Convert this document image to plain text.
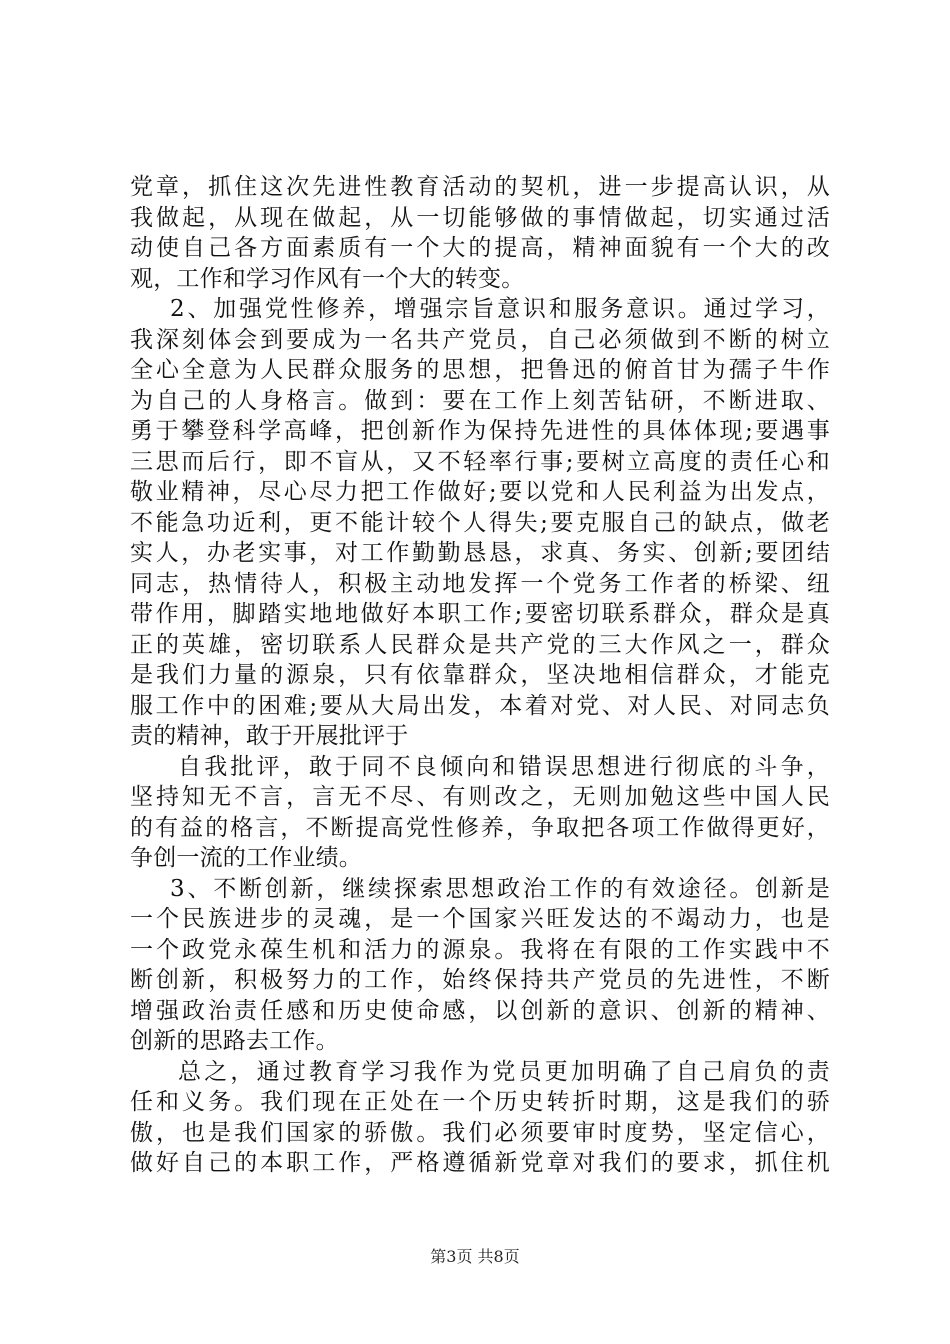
党章，抓住这次先进性教育活动的契机，进一步提高认识，从
我做起，从现在做起，从一切能够做的事情做起，切实通过活
动使自己各方面素质有一个大的提高，精神面貌有一个大的改
观，工作和学习作风有一个大的转变。
2、加强党性修养，增强宗旨意识和服务意识。通过学习，
我深刻体会到要成为一名共产党员，自己必须做到不断的树立
全心全意为人民群众服务的思想，把鲁迅的俯首甘为孺子牛作
为自己的人身格言。做到：要在工作上刻苦钻研，不断进取、
勇于攀登科学高峰，把创新作为保持先进性的具体体现;要遇事
三思而后行，即不盲从，又不轻率行事;要树立高度的责任心和
敬业精神，尽心尽力把工作做好;要以党和人民利益为出发点，
不能急功近利，更不能计较个人得失;要克服自己的缺点，做老
实人，办老实事，对工作勤勤恳恳，求真、务实、创新;要团结
同志，热情待人，积极主动地发挥一个党务工作者的桥梁、纽
带作用，脚踏实地地做好本职工作;要密切联系群众，群众是真
正的英雄，密切联系人民群众是共产党的三大作风之一，群众
是我们力量的源泉，只有依靠群众，坚决地相信群众，才能克
服工作中的困难;要从大局出发，本着对党、对人民、对同志负
责的精神，敢于开展批评于
自我批评，敢于同不良倾向和错误思想进行彻底的斗争，
坚持知无不言，言无不尽、有则改之，无则加勉这些中国人民
的有益的格言，不断提高党性修养，争取把各项工作做得更好，
争创一流的工作业绩。
3、不断创新，继续探索思想政治工作的有效途径。创新是
一个民族进步的灵魂，是一个国家兴旺发达的不竭动力，也是
一个政党永葆生机和活力的源泉。我将在有限的工作实践中不
断创新，积极努力的工作，始终保持共产党员的先进性，不断
增强政治责任感和历史使命感，以创新的意识、创新的精神、
创新的思路去工作。
总之，通过教育学习我作为党员更加明确了自己肩负的责
任和义务。我们现在正处在一个历史转折时期，这是我们的骄
傲，也是我们国家的骄傲。我们必须要审时度势，坚定信心，
做好自己的本职工作，严格遵循新党章对我们的要求，抓住机
第3页 共8页
